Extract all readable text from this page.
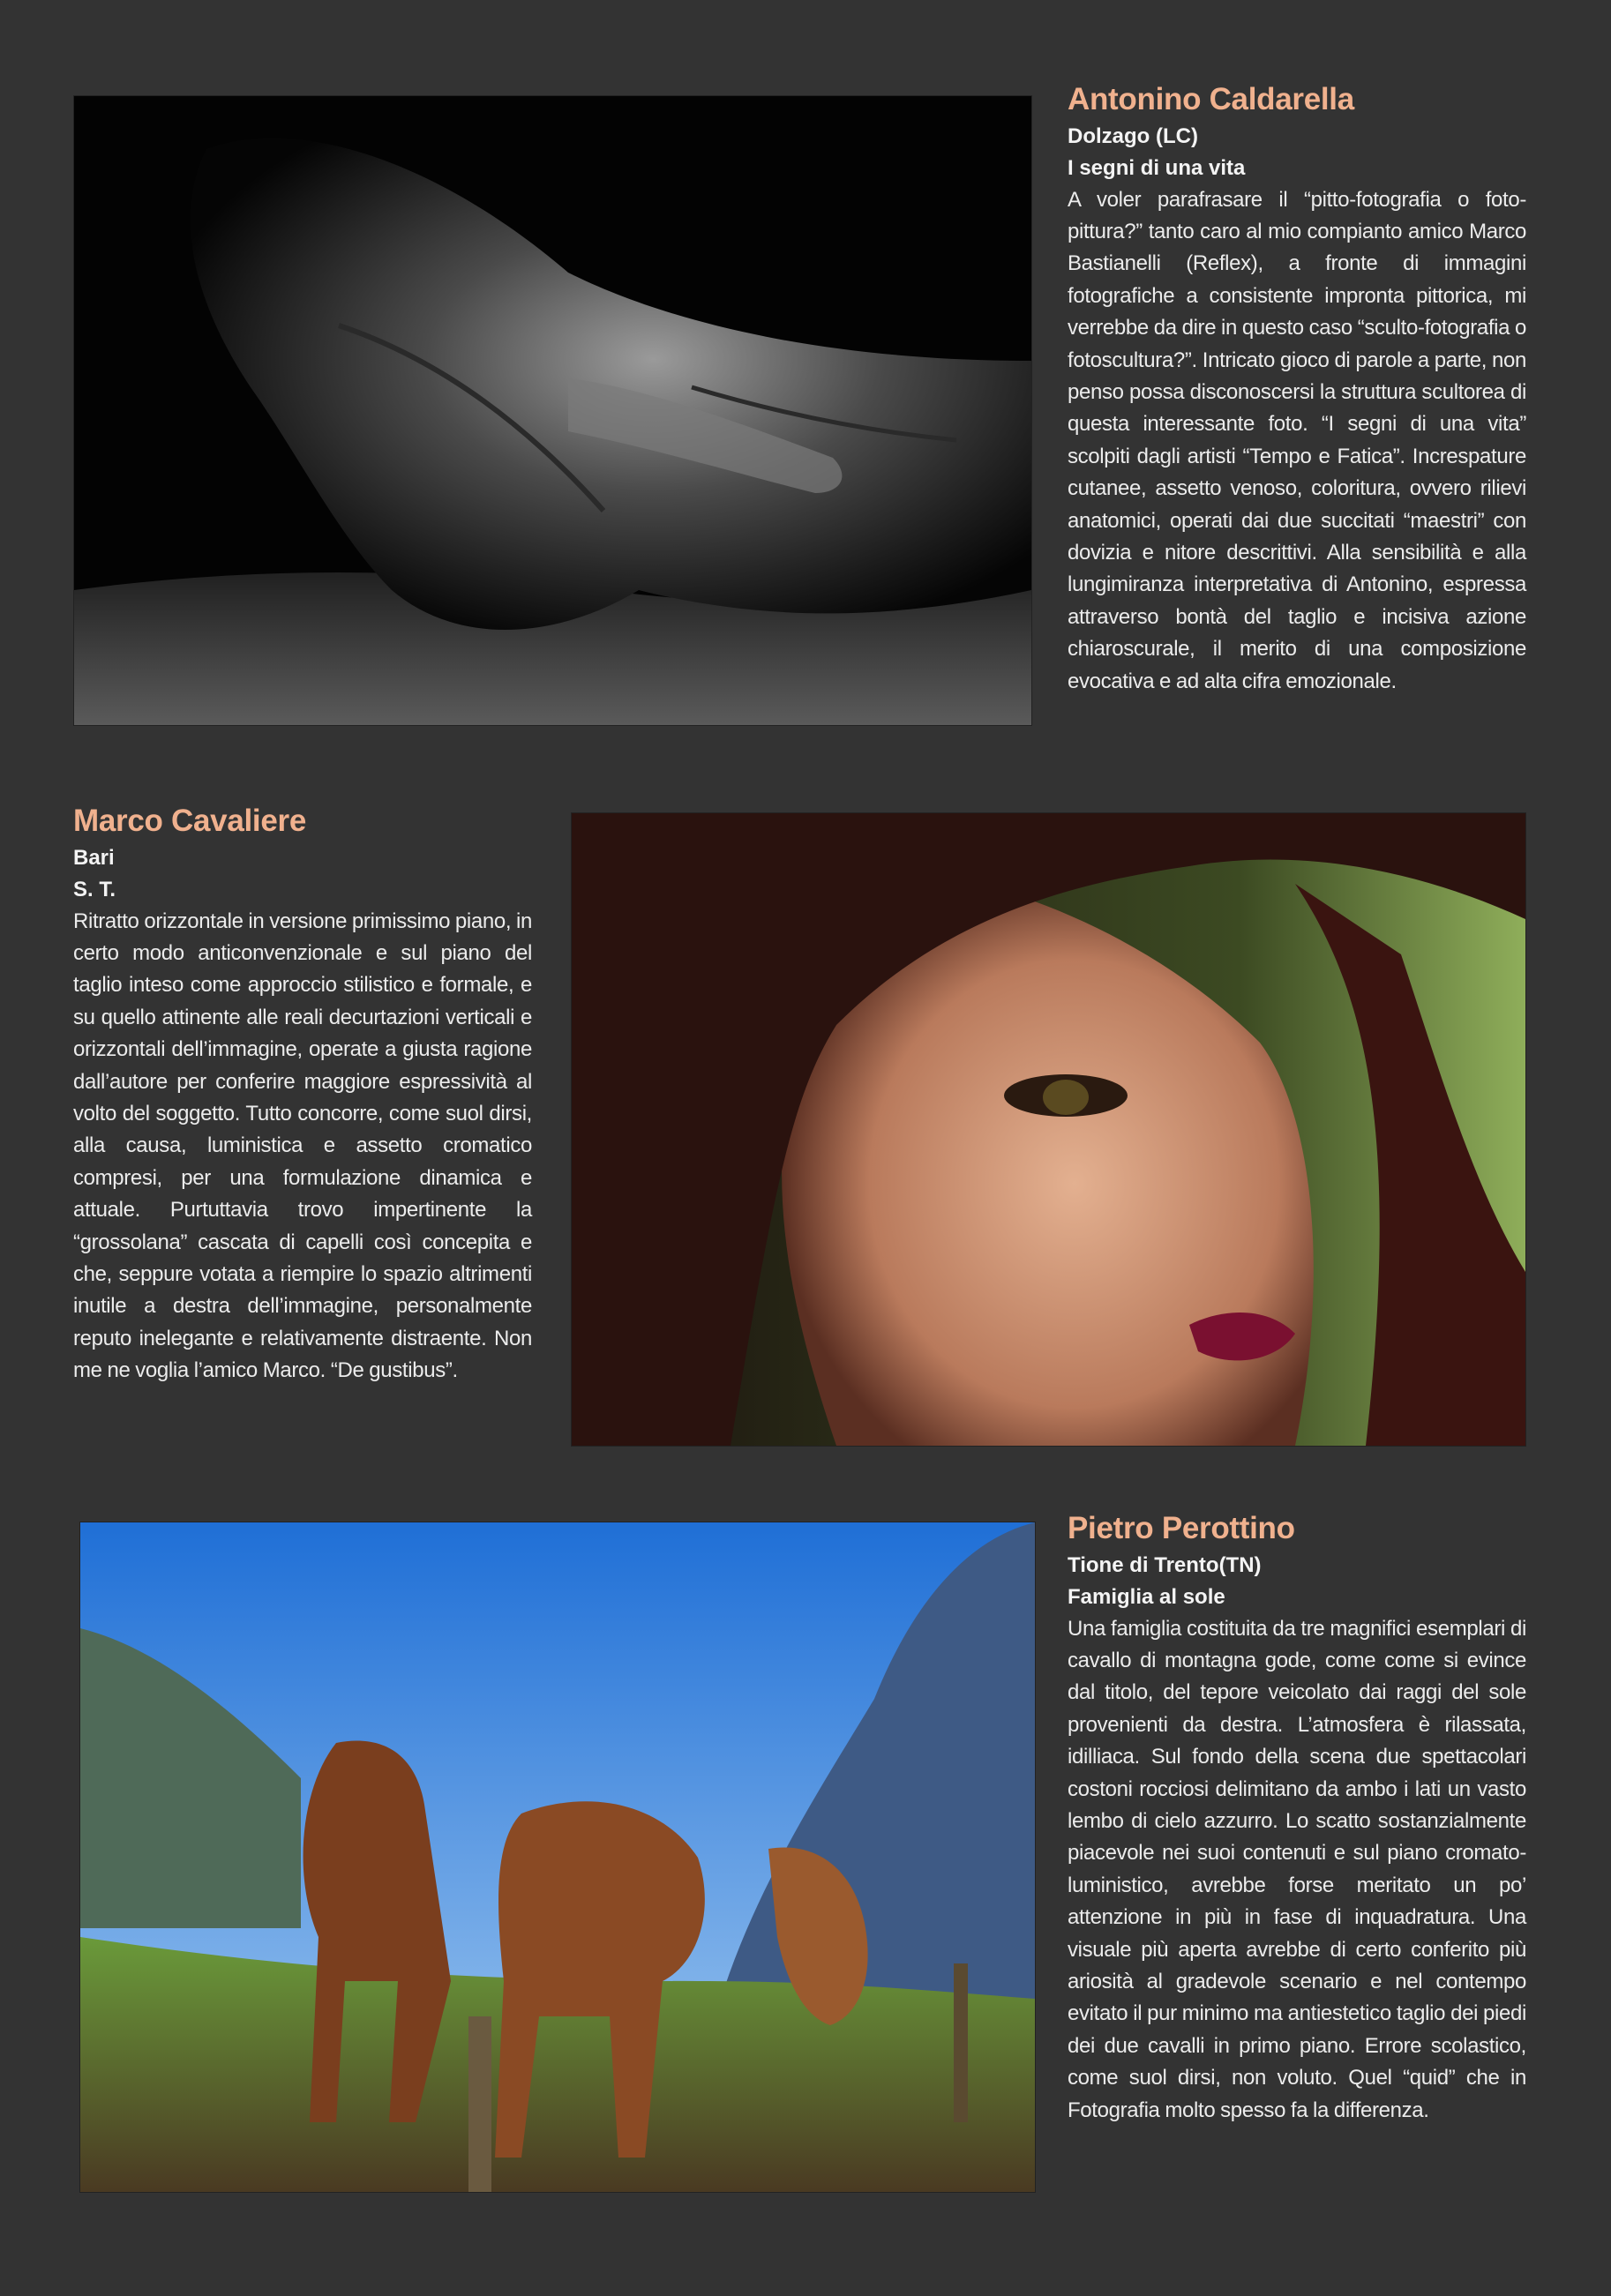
Antonino Caldarella
Dolzago (LC)
I segni di una vita

A voler parafrasare il “pitto-fotografia o foto-pittura?” tanto caro al mio compianto amico Marco Bastianelli (Reflex), a fronte di immagini fotografiche a consistente impronta pittorica, mi verrebbe da dire in questo caso “sculto-fotografia o fotoscultura?”. Intricato gioco di parole a parte, non penso possa disconoscersi la struttura scultorea di questa interessante foto. “I segni di una vita” scolpiti dagli artisti “Tempo e Fatica”. Increspature cutanee, assetto venoso, coloritura, ovvero rilievi anatomici, operati dai due succitati “maestri” con dovizia e nitore descrittivi. Alla sensibilità e alla lungimiranza interpretativa di Antonino, espressa attraverso bontà del taglio e incisiva azione chiaroscurale, il merito di una composizione evocativa e ad alta cifra emozionale.

Marco Cavaliere
Bari
S. T.

Ritratto orizzontale in versione primissimo piano, in certo modo anticonvenzionale e sul piano del taglio inteso come approccio stilistico e formale, e su quello attinente alle reali decurtazioni verticali e orizzontali dell’immagine, operate a giusta ragione dall’autore per conferire maggiore espressività al volto del soggetto. Tutto concorre, come suol dirsi, alla causa, luministica e assetto cromatico compresi, per una formulazione dinamica e attuale. Purtuttavia trovo impertinente la “grossolana” cascata di capelli così concepita e che, seppure votata a riempire lo spazio altrimenti inutile a destra dell’immagine, personalmente reputo inelegante e relativamente distraente. Non me ne voglia l’amico Marco. “De gustibus”.

Pietro Perottino
Tione di Trento(TN)
Famiglia al sole

Una famiglia costituita da tre magnifici esemplari di cavallo di montagna gode, come come si evince dal titolo, del tepore veicolato dai raggi del sole provenienti da destra. L’atmosfera è rilassata, idilliaca. Sul fondo della scena due spettacolari costoni rocciosi delimitano da ambo i lati un vasto lembo di cielo azzurro. Lo scatto sostanzialmente piacevole nei suoi contenuti e sul piano cromato-luministico, avrebbe forse meritato un po’ attenzione in più in fase di inquadratura. Una visuale più aperta avrebbe di certo conferito più ariosità al gradevole scenario e nel contempo evitato il pur minimo ma antiestetico taglio dei piedi dei due cavalli in primo piano. Errore scolastico, come suol dirsi, non voluto. Quel “quid” che in Fotografia molto spesso fa la differenza.
